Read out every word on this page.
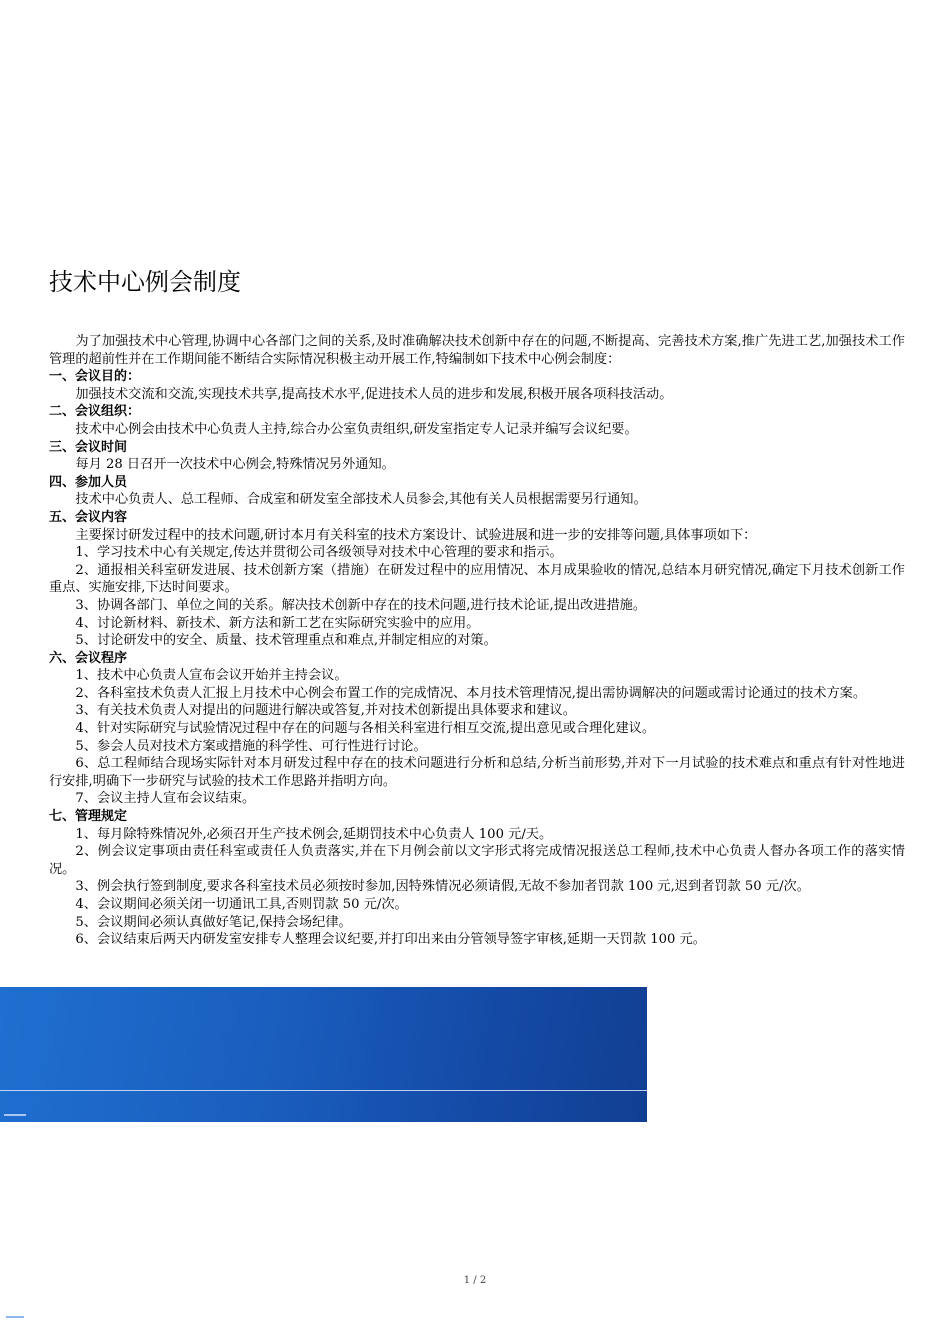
技术中心例会制度

为了加强技术中心管理,协调中心各部门之间的关系,及时准确解决技术创新中存在的问题,不断提高、完善技术方案,推广先进工艺,加强技术工作管理的超前性并在工作期间能不断结合实际情况积极主动开展工作,特编制如下技术中心例会制度：

一、会议目的：

加强技术交流和交流,实现技术共享,提高技术水平,促进技术人员的进步和发展,积极开展各项科技活动。

二、会议组织：

技术中心例会由技术中心负责人主持,综合办公室负责组织,研发室指定专人记录并编写会议纪要。

三、会议时间

每月 28 日召开一次技术中心例会,特殊情况另外通知。

四、参加人员

技术中心负责人、总工程师、合成室和研发室全部技术人员参会,其他有关人员根据需要另行通知。

五、会议内容

主要探讨研发过程中的技术问题,研讨本月有关科室的技术方案设计、试验进展和进一步的安排等问题,具体事项如下：

1、学习技术中心有关规定,传达并贯彻公司各级领导对技术中心管理的要求和指示。

2、通报相关科室研发进展、技术创新方案（措施）在研发过程中的应用情况、本月成果验收的情况,总结本月研究情况,确定下月技术创新工作重点、实施安排,下达时间要求。

3、协调各部门、单位之间的关系。解决技术创新中存在的技术问题,进行技术论证,提出改进措施。

4、讨论新材料、新技术、新方法和新工艺在实际研究实验中的应用。

5、讨论研发中的安全、质量、技术管理重点和难点,并制定相应的对策。

六、会议程序

1、技术中心负责人宣布会议开始并主持会议。

2、各科室技术负责人汇报上月技术中心例会布置工作的完成情况、本月技术管理情况,提出需协调解决的问题或需讨论通过的技术方案。

3、有关技术负责人对提出的问题进行解决或答复,并对技术创新提出具体要求和建议。

4、针对实际研究与试验情况过程中存在的问题与各相关科室进行相互交流,提出意见或合理化建议。

5、参会人员对技术方案或措施的科学性、可行性进行讨论。

6、总工程师结合现场实际针对本月研发过程中存在的技术问题进行分析和总结,分析当前形势,并对下一月试验的技术难点和重点有针对性地进行安排,明确下一步研究与试验的技术工作思路并指明方向。

7、会议主持人宣布会议结束。

七、管理规定

1、每月除特殊情况外,必须召开生产技术例会,延期罚技术中心负责人 100 元/天。

2、例会议定事项由责任科室或责任人负责落实,并在下月例会前以文字形式将完成情况报送总工程师,技术中心负责人督办各项工作的落实情况。

3、例会执行签到制度,要求各科室技术员必须按时参加,因特殊情况必须请假,无故不参加者罚款 100 元,迟到者罚款 50 元/次。

4、会议期间必须关闭一切通讯工具,否则罚款 50 元/次。

5、会议期间必须认真做好笔记,保持会场纪律。

6、会议结束后两天内研发室安排专人整理会议纪要,并打印出来由分管领导签字审核,延期一天罚款 100 元。

1 / 2
